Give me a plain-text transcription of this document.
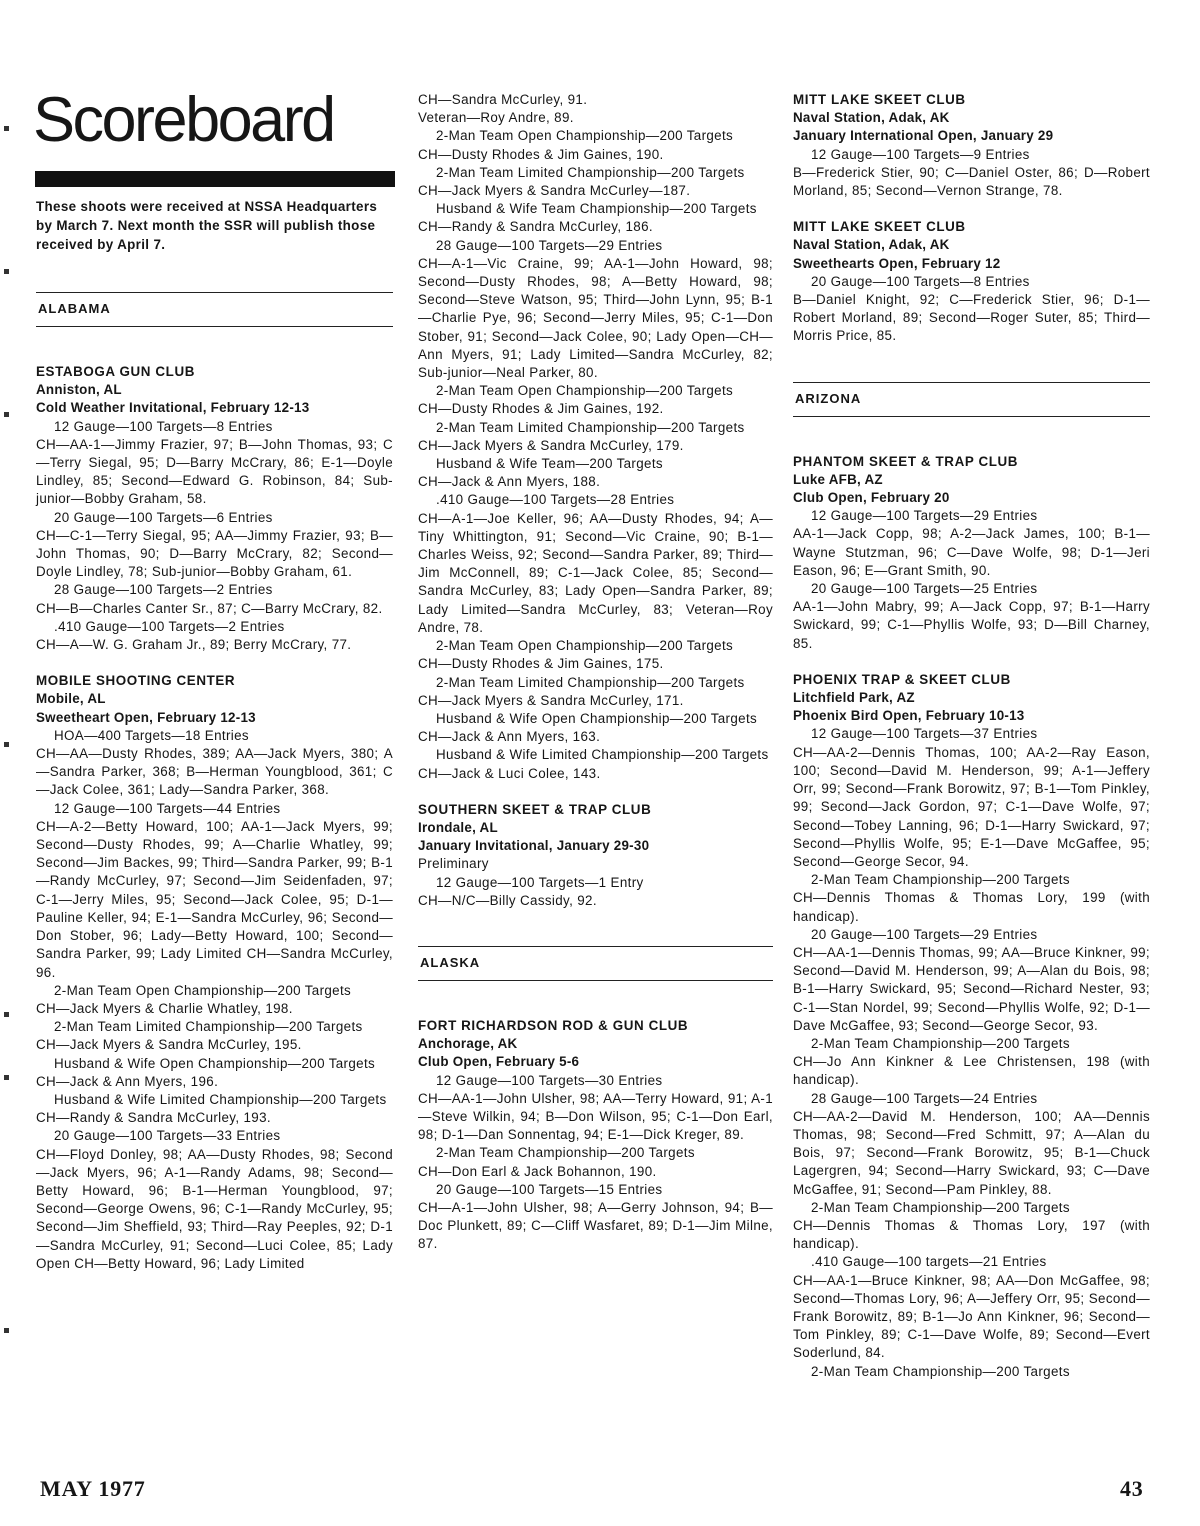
Scoreboard
These shoots were received at NSSA Headquarters by March 7. Next month the SSR will publish those received by April 7.
ALABAMA

ESTABOGA GUN CLUB

Anniston, AL

Cold Weather Invitational, February 12-13

12 Gauge—100 Targets—8 Entries

CH—AA-1—Jimmy Frazier, 97; B—John Thomas, 93; C—Terry Siegal, 95; D—Barry McCrary, 86; E-1—Doyle Lindley, 85; Second—Edward G. Robinson, 84; Sub-junior—Bobby Graham, 58.

20 Gauge—100 Targets—6 Entries

CH—C-1—Terry Siegal, 95; AA—Jimmy Frazier, 93; B—John Thomas, 90; D—Barry McCrary, 82; Second—Doyle Lindley, 78; Sub-junior—Bobby Graham, 61.

28 Gauge—100 Targets—2 Entries

CH—B—Charles Canter Sr., 87; C—Barry McCrary, 82.

.410 Gauge—100 Targets—2 Entries

CH—A—W. G. Graham Jr., 89; Berry McCrary, 77.

MOBILE SHOOTING CENTER

Mobile, AL

Sweetheart Open, February 12-13

HOA—400 Targets—18 Entries

CH—AA—Dusty Rhodes, 389; AA—Jack Myers, 380; A—Sandra Parker, 368; B—Herman Youngblood, 361; C—Jack Colee, 361; Lady—Sandra Parker, 368.

12 Gauge—100 Targets—44 Entries

CH—A-2—Betty Howard, 100; AA-1—Jack Myers, 99; Second—Dusty Rhodes, 99; A—Charlie Whatley, 99; Second—Jim Backes, 99; Third—Sandra Parker, 99; B-1—Randy McCurley, 97; Second—Jim Seidenfaden, 97; C-1—Jerry Miles, 95; Second—Jack Colee, 95; D-1—Pauline Keller, 94; E-1—Sandra McCurley, 96; Second—Don Stober, 96; Lady—Betty Howard, 100; Second—Sandra Parker, 99; Lady Limited CH—Sandra McCurley, 96.

2-Man Team Open Championship—200 Targets

CH—Jack Myers & Charlie Whatley, 198.

2-Man Team Limited Championship—200 Targets

CH—Jack Myers & Sandra McCurley, 195.

Husband & Wife Open Championship—200 Targets

CH—Jack & Ann Myers, 196.

Husband & Wife Limited Championship—200 Targets

CH—Randy & Sandra McCurley, 193.

20 Gauge—100 Targets—33 Entries

CH—Floyd Donley, 98; AA—Dusty Rhodes, 98; Second—Jack Myers, 96; A-1—Randy Adams, 98; Second—Betty Howard, 96; B-1—Herman Youngblood, 97; Second—George Owens, 96; C-1—Randy McCurley, 95; Second—Jim Sheffield, 93; Third—Ray Peeples, 92; D-1—Sandra McCurley, 91; Second—Luci Colee, 85; Lady Open CH—Betty Howard, 96; Lady Limited

CH—Sandra McCurley, 91.

Veteran—Roy Andre, 89.

2-Man Team Open Championship—200 Targets

CH—Dusty Rhodes & Jim Gaines, 190.

2-Man Team Limited Championship—200 Targets

CH—Jack Myers & Sandra McCurley—187.

Husband & Wife Team Championship—200 Targets

CH—Randy & Sandra McCurley, 186.

28 Gauge—100 Targets—29 Entries

CH—A-1—Vic Craine, 99; AA-1—John Howard, 98; Second—Dusty Rhodes, 98; A—Betty Howard, 98; Second—Steve Watson, 95; Third—John Lynn, 95; B-1—Charlie Pye, 96; Second—Jerry Miles, 95; C-1—Don Stober, 91; Second—Jack Colee, 90; Lady Open—CH—Ann Myers, 91; Lady Limited—Sandra McCurley, 82; Sub-junior—Neal Parker, 80.

2-Man Team Open Championship—200 Targets

CH—Dusty Rhodes & Jim Gaines, 192.

2-Man Team Limited Championship—200 Targets

CH—Jack Myers & Sandra McCurley, 179.

Husband & Wife Team—200 Targets

CH—Jack & Ann Myers, 188.

.410 Gauge—100 Targets—28 Entries

CH—A-1—Joe Keller, 96; AA—Dusty Rhodes, 94; A—Tiny Whittington, 91; Second—Vic Craine, 90; B-1—Charles Weiss, 92; Second—Sandra Parker, 89; Third—Jim McConnell, 89; C-1—Jack Colee, 85; Second—Sandra McCurley, 83; Lady Open—Sandra Parker, 89; Lady Limited—Sandra McCurley, 83; Veteran—Roy Andre, 78.

2-Man Team Open Championship—200 Targets

CH—Dusty Rhodes & Jim Gaines, 175.

2-Man Team Limited Championship—200 Targets

CH—Jack Myers & Sandra McCurley, 171.

Husband & Wife Open Championship—200 Targets

CH—Jack & Ann Myers, 163.

Husband & Wife Limited Championship—200 Targets

CH—Jack & Luci Colee, 143.

SOUTHERN SKEET & TRAP CLUB

Irondale, AL

January Invitational, January 29-30

Preliminary

12 Gauge—100 Targets—1 Entry

CH—N/C—Billy Cassidy, 92.

ALASKA

FORT RICHARDSON ROD & GUN CLUB

Anchorage, AK

Club Open, February 5-6

12 Gauge—100 Targets—30 Entries

CH—AA-1—John Ulsher, 98; AA—Terry Howard, 91; A-1—Steve Wilkin, 94; B—Don Wilson, 95; C-1—Don Earl, 98; D-1—Dan Sonnentag, 94; E-1—Dick Kreger, 89.

2-Man Team Championship—200 Targets

CH—Don Earl & Jack Bohannon, 190.

20 Gauge—100 Targets—15 Entries

CH—A-1—John Ulsher, 98; A—Gerry Johnson, 94; B—Doc Plunkett, 89; C—Cliff Wasfaret, 89; D-1—Jim Milne, 87.

MITT LAKE SKEET CLUB

Naval Station, Adak, AK

January International Open, January 29

12 Gauge—100 Targets—9 Entries

B—Frederick Stier, 90; C—Daniel Oster, 86; D—Robert Morland, 85; Second—Vernon Strange, 78.

MITT LAKE SKEET CLUB

Naval Station, Adak, AK

Sweethearts Open, February 12

20 Gauge—100 Targets—8 Entries

B—Daniel Knight, 92; C—Frederick Stier, 96; D-1—Robert Morland, 89; Second—Roger Suter, 85; Third—Morris Price, 85.

ARIZONA

PHANTOM SKEET & TRAP CLUB

Luke AFB, AZ

Club Open, February 20

12 Gauge—100 Targets—29 Entries

AA-1—Jack Copp, 98; A-2—Jack James, 100; B-1—Wayne Stutzman, 96; C—Dave Wolfe, 98; D-1—Jeri Eason, 96; E—Grant Smith, 90.

20 Gauge—100 Targets—25 Entries

AA-1—John Mabry, 99; A—Jack Copp, 97; B-1—Harry Swickard, 99; C-1—Phyllis Wolfe, 93; D—Bill Charney, 85.

PHOENIX TRAP & SKEET CLUB

Litchfield Park, AZ

Phoenix Bird Open, February 10-13

12 Gauge—100 Targets—37 Entries

CH—AA-2—Dennis Thomas, 100; AA-2—Ray Eason, 100; Second—David M. Henderson, 99; A-1—Jeffery Orr, 99; Second—Frank Borowitz, 97; B-1—Tom Pinkley, 99; Second—Jack Gordon, 97; C-1—Dave Wolfe, 97; Second—Tobey Lanning, 96; D-1—Harry Swickard, 97; Second—Phyllis Wolfe, 95; E-1—Dave McGaffee, 95; Second—George Secor, 94.

2-Man Team Championship—200 Targets

CH—Dennis Thomas & Thomas Lory, 199 (with handicap).

20 Gauge—100 Targets—29 Entries

CH—AA-1—Dennis Thomas, 99; AA—Bruce Kinkner, 99; Second—David M. Henderson, 99; A—Alan du Bois, 98; B-1—Harry Swickard, 95; Second—Richard Nester, 93; C-1—Stan Nordel, 99; Second—Phyllis Wolfe, 92; D-1—Dave McGaffee, 93; Second—George Secor, 93.

2-Man Team Championship—200 Targets

CH—Jo Ann Kinkner & Lee Christensen, 198 (with handicap).

28 Gauge—100 Targets—24 Entries

CH—AA-2—David M. Henderson, 100; AA—Dennis Thomas, 98; Second—Fred Schmitt, 97; A—Alan du Bois, 97; Second—Frank Borowitz, 95; B-1—Chuck Lagergren, 94; Second—Harry Swickard, 93; C—Dave McGaffee, 91; Second—Pam Pinkley, 88.

2-Man Team Championship—200 Targets

CH—Dennis Thomas & Thomas Lory, 197 (with handicap).

.410 Gauge—100 targets—21 Entries

CH—AA-1—Bruce Kinkner, 98; AA—Don McGaffee, 98; Second—Thomas Lory, 96; A—Jeffery Orr, 95; Second—Frank Borowitz, 89; B-1—Jo Ann Kinkner, 96; Second—Tom Pinkley, 89; C-1—Dave Wolfe, 89; Second—Evert Soderlund, 84.

2-Man Team Championship—200 Targets

MAY 1977	43
